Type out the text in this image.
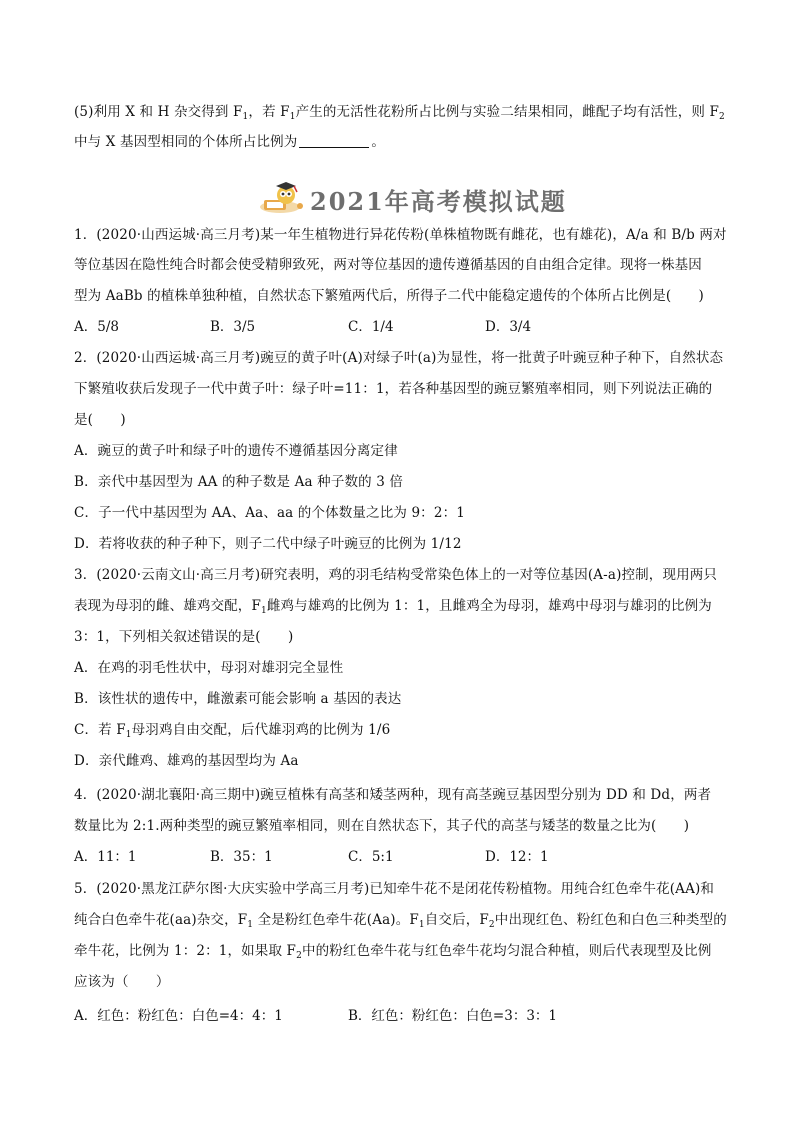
(5)利用 X 和 H 杂交得到 $F_1$，若 $F_1$产生的无活性花粉所占比例与实验二结果相同，雌配子均有活性，则 $F_2$
中与 X 基因型相同的个体所占比例为	。
2021年高考模拟试题
1．(2020·山西运城·高三月考)某一年生植物进行异花传粉(单株植物既有雌花，也有雄花)，A/a 和 B/b 两对
等位基因在隐性纯合时都会使受精卵致死，两对等位基因的遗传遵循基因的自由组合定律。现将一株基因
型为 AaBb 的植株单独种植，自然状态下繁殖两代后，所得子二代中能稳定遗传的个体所占比例是(　　)
A．5/8	B．3/5	C．1/4	D．3/4
2．(2020·山西运城·高三月考)豌豆的黄子叶(A)对绿子叶(a)为显性，将一批黄子叶豌豆种子种下，自然状态
下繁殖收获后发现子一代中黄子叶：绿子叶=11：1，若各种基因型的豌豆繁殖率相同，则下列说法正确的
是(　　)
A．豌豆的黄子叶和绿子叶的遗传不遵循基因分离定律
B．亲代中基因型为 AA 的种子数是 Aa 种子数的 3 倍
C．子一代中基因型为 AA、Aa、aa 的个体数量之比为 9：2：1
D．若将收获的种子种下，则子二代中绿子叶豌豆的比例为 1/12
3．(2020·云南文山·高三月考)研究表明，鸡的羽毛结构受常染色体上的一对等位基因(A-a)控制，现用两只
表现为母羽的雌、雄鸡交配，$F_1$雌鸡与雄鸡的比例为 1：1，且雌鸡全为母羽，雄鸡中母羽与雄羽的比例为
3：1，下列相关叙述错误的是(　　)
A．在鸡的羽毛性状中，母羽对雄羽完全显性
B．该性状的遗传中，雌激素可能会影响 a 基因的表达
C．若 $F_1$母羽鸡自由交配，后代雄羽鸡的比例为 1/6
D．亲代雌鸡、雄鸡的基因型均为 Aa
4．(2020·湖北襄阳·高三期中)豌豆植株有高茎和矮茎两种，现有高茎豌豆基因型分别为 DD 和 Dd，两者
数量比为 2:1.两种类型的豌豆繁殖率相同，则在自然状态下，其子代的高茎与矮茎的数量之比为(　　)
A．11：1	B．35：1	C．5:1	D．12：1
5．(2020·黑龙江萨尔图·大庆实验中学高三月考)已知牵牛花不是闭花传粉植物。用纯合红色牵牛花(AA)和
纯合白色牵牛花(aa)杂交，$F_1$ 全是粉红色牵牛花(Aa)。$F_1$自交后，$F_2$中出现红色、粉红色和白色三种类型的
牵牛花，比例为 1：2：1，如果取 $F_2$中的粉红色牵牛花与红色牵牛花均匀混合种植，则后代表现型及比例
应该为（　　）
A．红色：粉红色：白色=4：4：1	B．红色：粉红色：白色=3：3：1
